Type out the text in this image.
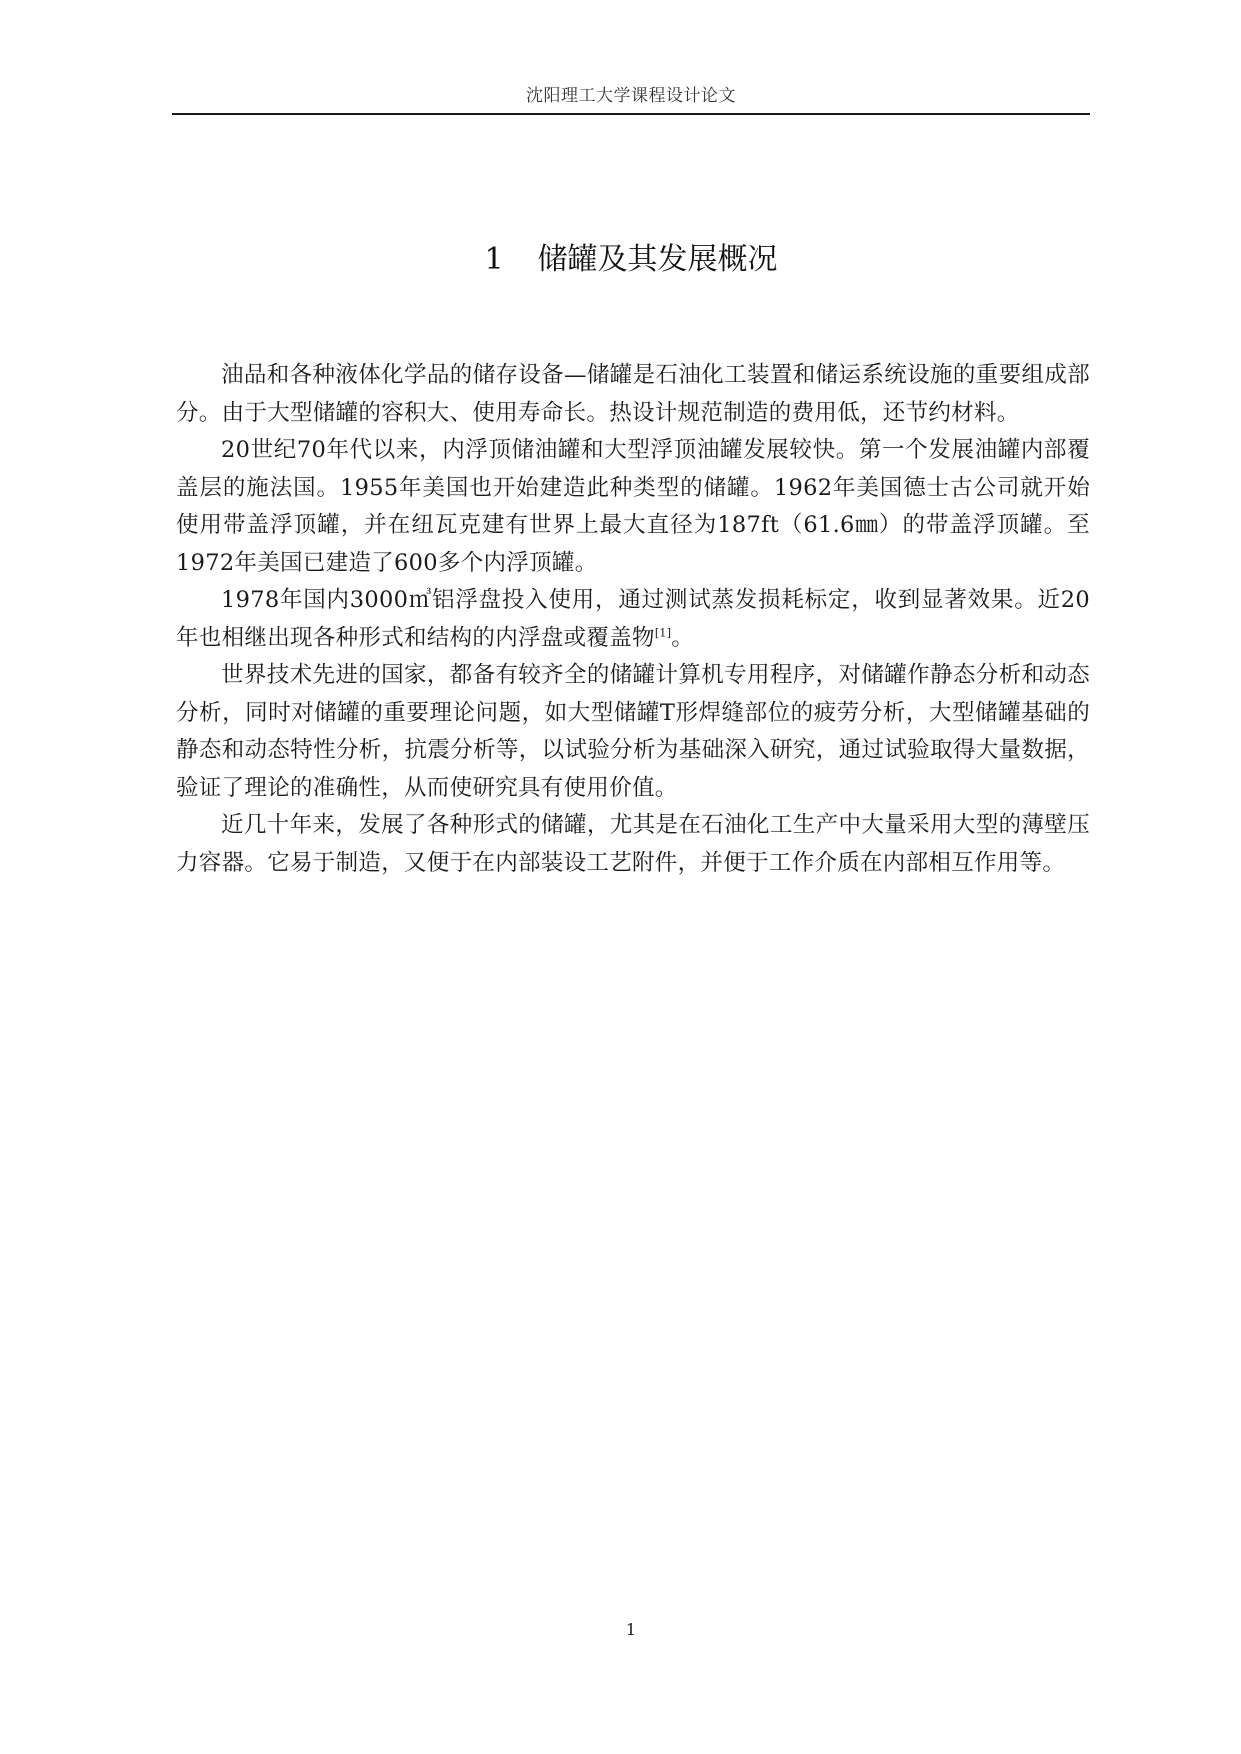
沈阳理工大学课程设计论文
1 储罐及其发展概况

油品和各种液体化学品的储存设备—储罐是石油化工装置和储运系统设施的重要组成部分。由于大型储罐的容积大、使用寿命长。热设计规范制造的费用低，还节约材料。

20世纪70年代以来，内浮顶储油罐和大型浮顶油罐发展较快。第一个发展油罐内部覆盖层的施法国。1955年美国也开始建造此种类型的储罐。1962年美国德士古公司就开始使用带盖浮顶罐，并在纽瓦克建有世界上最大直径为187ft（61.6㎜）的带盖浮顶罐。至1972年美国已建造了600多个内浮顶罐。

1978年国内3000㎥铝浮盘投入使用，通过测试蒸发损耗标定，收到显著效果。近20年也相继出现各种形式和结构的内浮盘或覆盖物[1]。

世界技术先进的国家，都备有较齐全的储罐计算机专用程序，对储罐作静态分析和动态分析，同时对储罐的重要理论问题，如大型储罐T形焊缝部位的疲劳分析，大型储罐基础的静态和动态特性分析，抗震分析等，以试验分析为基础深入研究，通过试验取得大量数据，验证了理论的准确性，从而使研究具有使用价值。

近几十年来，发展了各种形式的储罐，尤其是在石油化工生产中大量采用大型的薄壁压力容器。它易于制造，又便于在内部装设工艺附件，并便于工作介质在内部相互作用等。

1
